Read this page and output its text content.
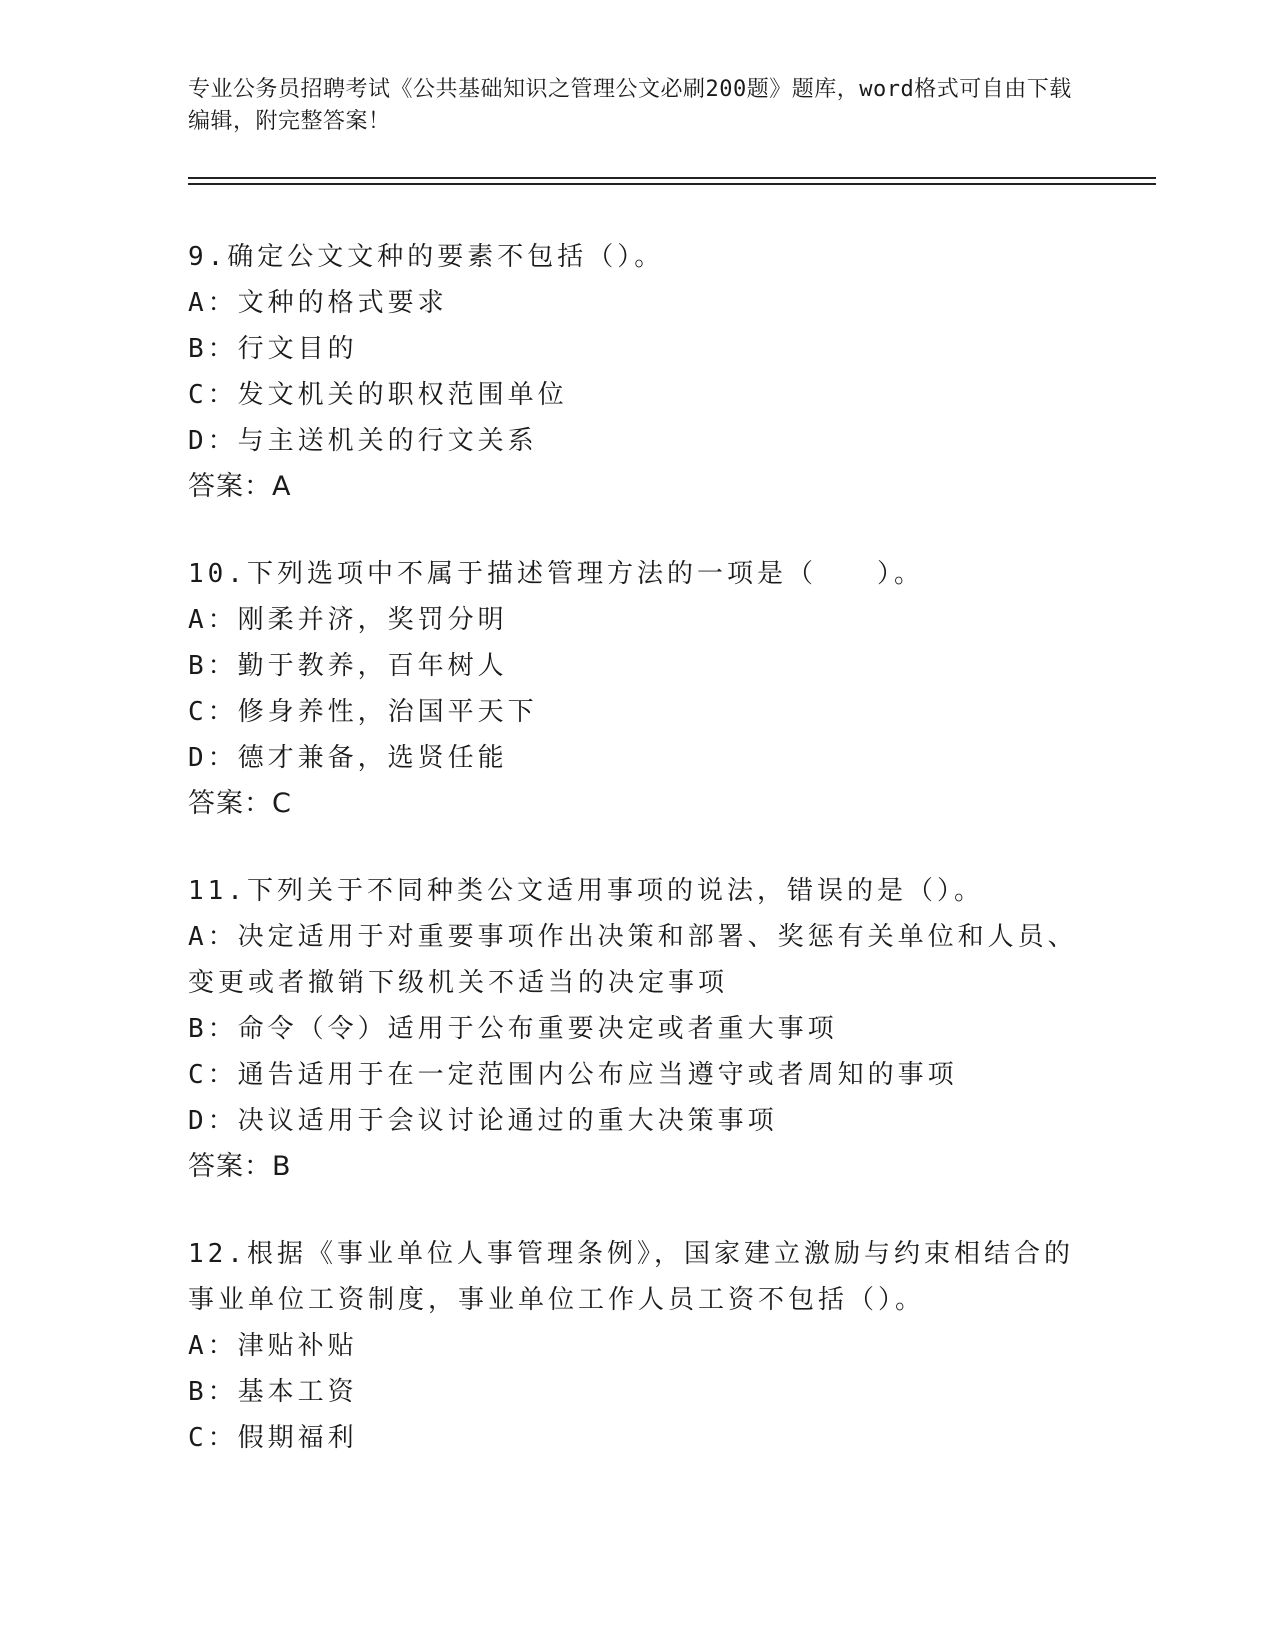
专业公务员招聘考试《公共基础知识之管理公文必刷200题》题库，word格式可自由下载编辑，附完整答案！
9.确定公文文种的要素不包括（）。
A：文种的格式要求
B：行文目的
C：发文机关的职权范围单位
D：与主送机关的行文关系
答案：A
10.下列选项中不属于描述管理方法的一项是（　　）。
A：刚柔并济，奖罚分明
B：勤于教养，百年树人
C：修身养性，治国平天下
D：德才兼备，选贤任能
答案：C
11.下列关于不同种类公文适用事项的说法，错误的是（）。
A：决定适用于对重要事项作出决策和部署、奖惩有关单位和人员、变更或者撤销下级机关不适当的决定事项
B：命令（令）适用于公布重要决定或者重大事项
C：通告适用于在一定范围内公布应当遵守或者周知的事项
D：决议适用于会议讨论通过的重大决策事项
答案：B
12.根据《事业单位人事管理条例》，国家建立激励与约束相结合的事业单位工资制度，事业单位工作人员工资不包括（）。
A：津贴补贴
B：基本工资
C：假期福利
